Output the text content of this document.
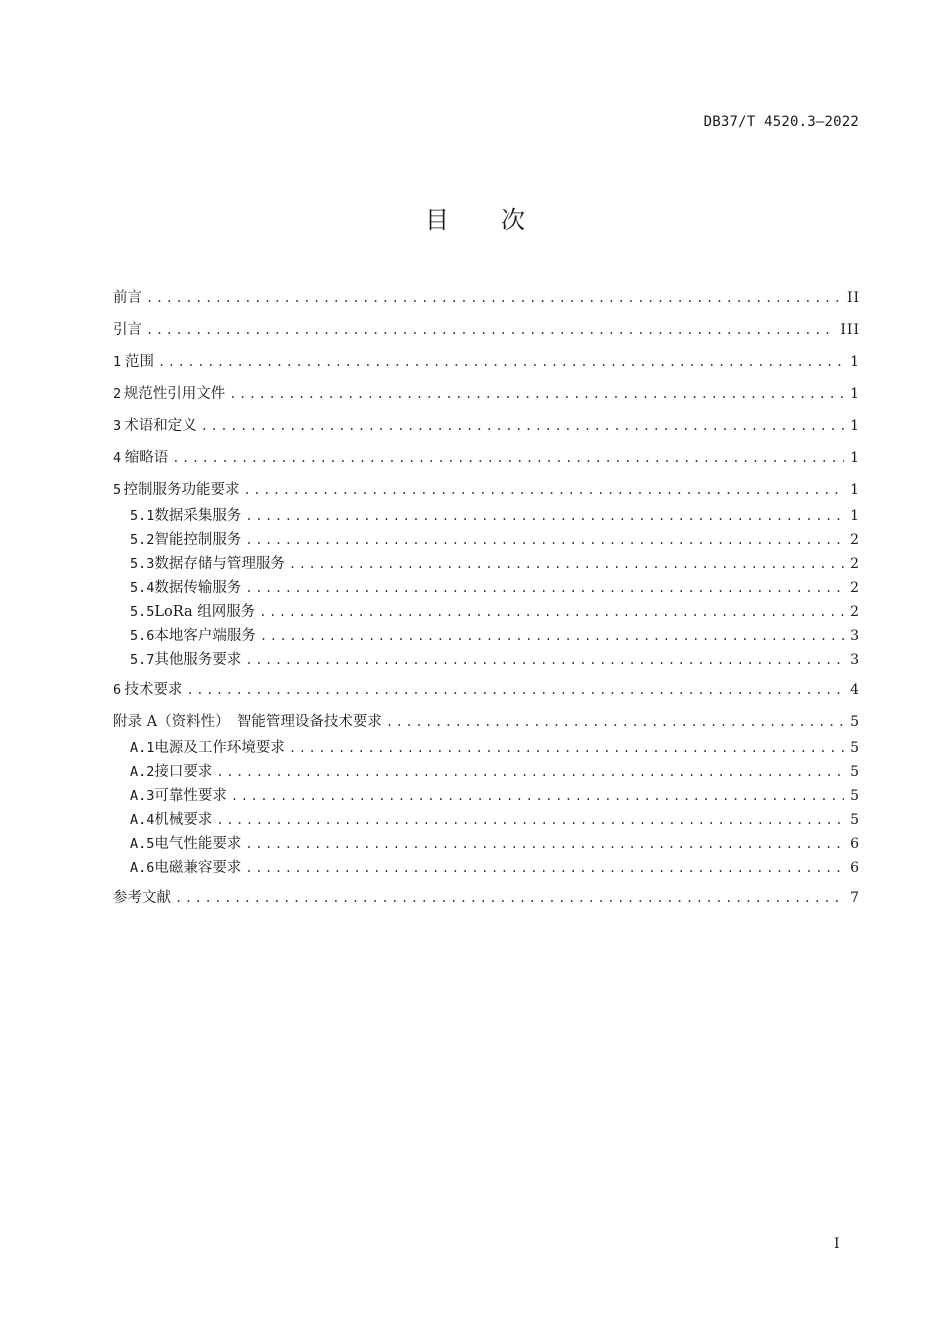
DB37/T 4520.3—2022
目 次
前言 .....	II
引言 .....	III
1 范围 .....	1
2 规范性引用文件 .....	1
3 术语和定义 .....	1
4 缩略语 .....	1
5 控制服务功能要求 .....	1
5.1 数据采集服务 .....	1
5.2 智能控制服务 .....	2
5.3 数据存储与管理服务 .....	2
5.4 数据传输服务 .....	2
5.5 LoRa 组网服务 .....	2
5.6 本地客户端服务 .....	3
5.7 其他服务要求 .....	3
6 技术要求 .....	4
附录 A（资料性）　智能管理设备技术要求 .....	5
A.1 电源及工作环境要求 .....	5
A.2 接口要求 .....	5
A.3 可靠性要求 .....	5
A.4 机械要求 .....	5
A.5 电气性能要求 .....	6
A.6 电磁兼容要求 .....	6
参考文献 .....	7
I
